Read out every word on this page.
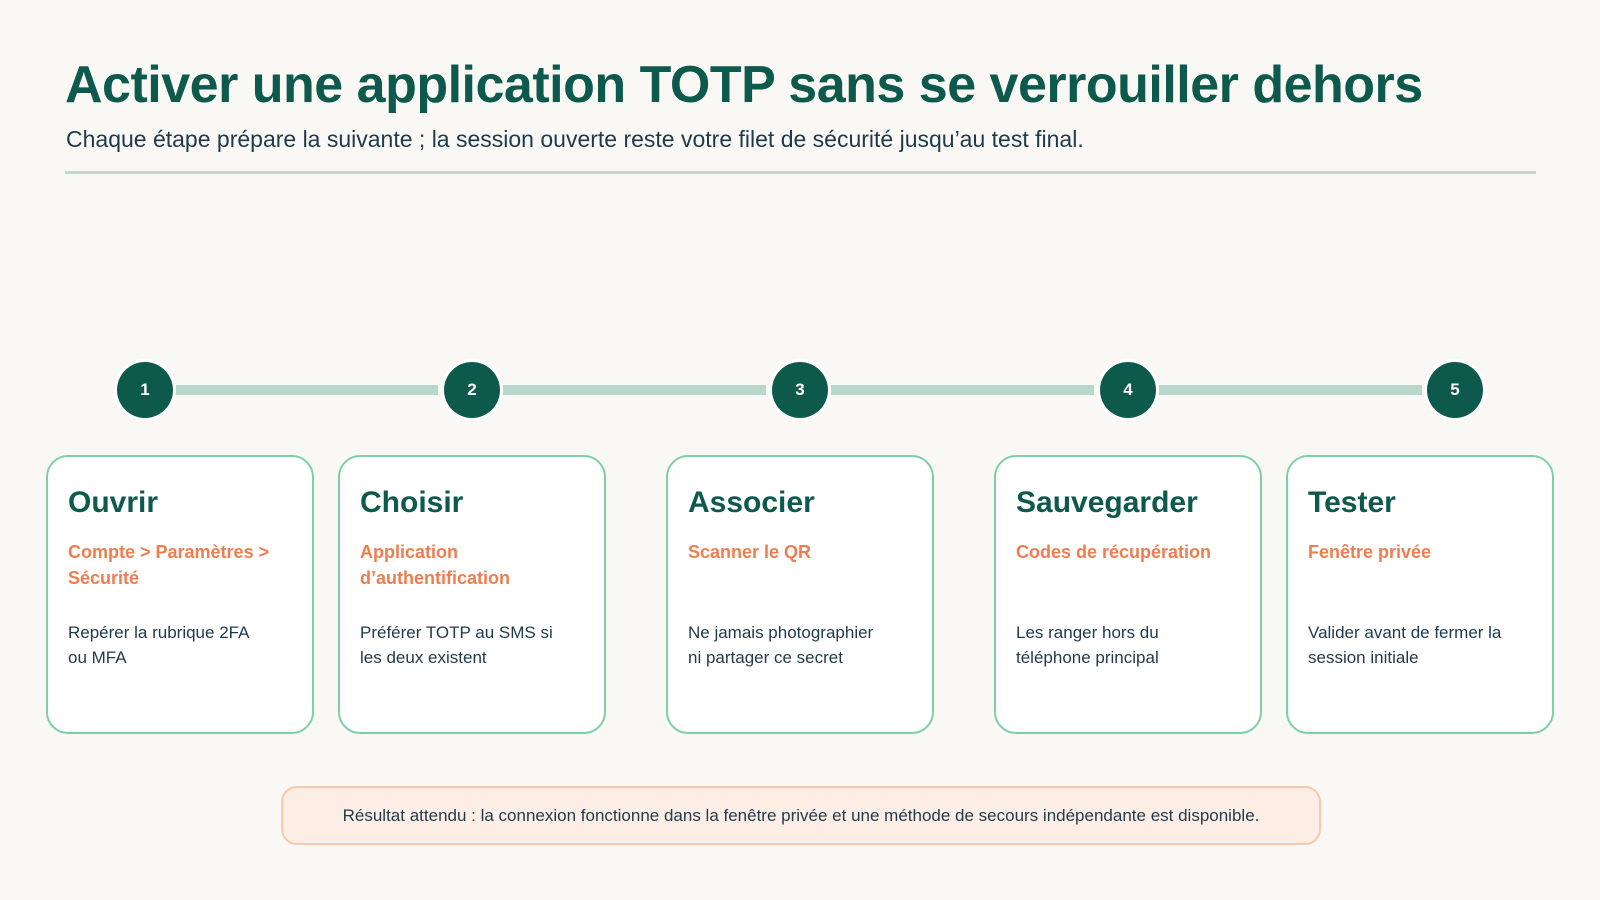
Activer une application TOTP sans se verrouiller dehors

Chaque étape prépare la suivante ; la session ouverte reste votre filet de sécurité jusqu’au test final.

1	2	3	4	5
Ouvrir
Compte > Paramètres > Sécurité
Repérer la rubrique 2FA ou MFA
Choisir
Application d’authentification
Préférer TOTP au SMS si les deux existent
Associer
Scanner le QR
Ne jamais photographier ni partager ce secret
Sauvegarder
Codes de récupération
Les ranger hors du téléphone principal
Tester
Fenêtre privée
Valider avant de fermer la session initiale
Résultat attendu : la connexion fonctionne dans la fenêtre privée et une méthode de secours indépendante est disponible.
